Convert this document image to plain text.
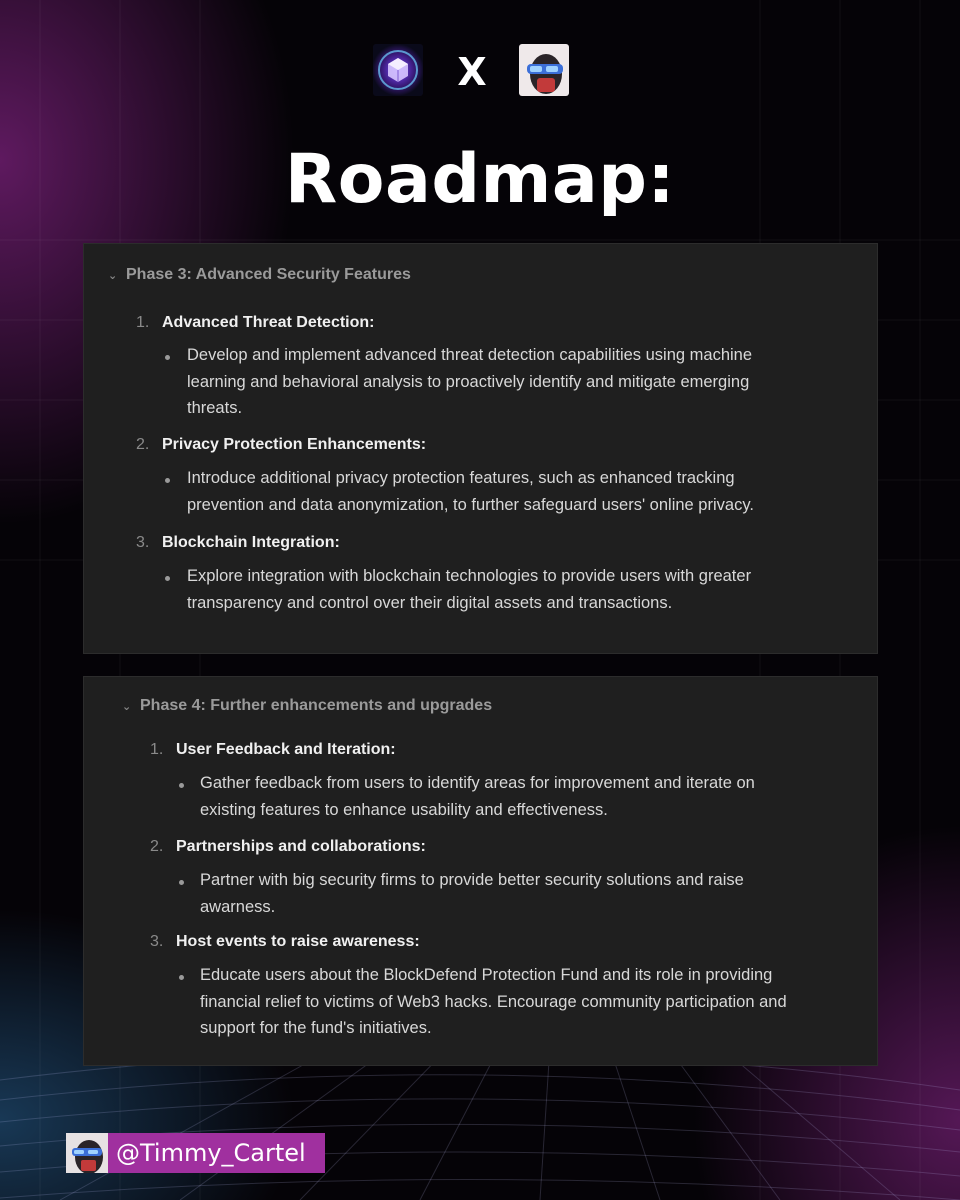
X
Roadmap:
⌄ Phase 3: Advanced Security Features
1. Advanced Threat Detection:
Develop and implement advanced threat detection capabilities using machine
learning and behavioral analysis to proactively identify and mitigate emerging
threats.
2. Privacy Protection Enhancements:
Introduce additional privacy protection features, such as enhanced tracking
prevention and data anonymization, to further safeguard users' online privacy.
3. Blockchain Integration:
Explore integration with blockchain technologies to provide users with greater
transparency and control over their digital assets and transactions.
⌄ Phase 4: Further enhancements and upgrades
1. User Feedback and Iteration:
Gather feedback from users to identify areas for improvement and iterate on
existing features to enhance usability and effectiveness.
2. Partnerships and collaborations:
Partner with big security firms to provide better security solutions and raise
awarness.
3. Host events to raise awareness:
Educate users about the BlockDefend Protection Fund and its role in providing
financial relief to victims of Web3 hacks. Encourage community participation and
support for the fund's initiatives.
@Timmy_Cartel
